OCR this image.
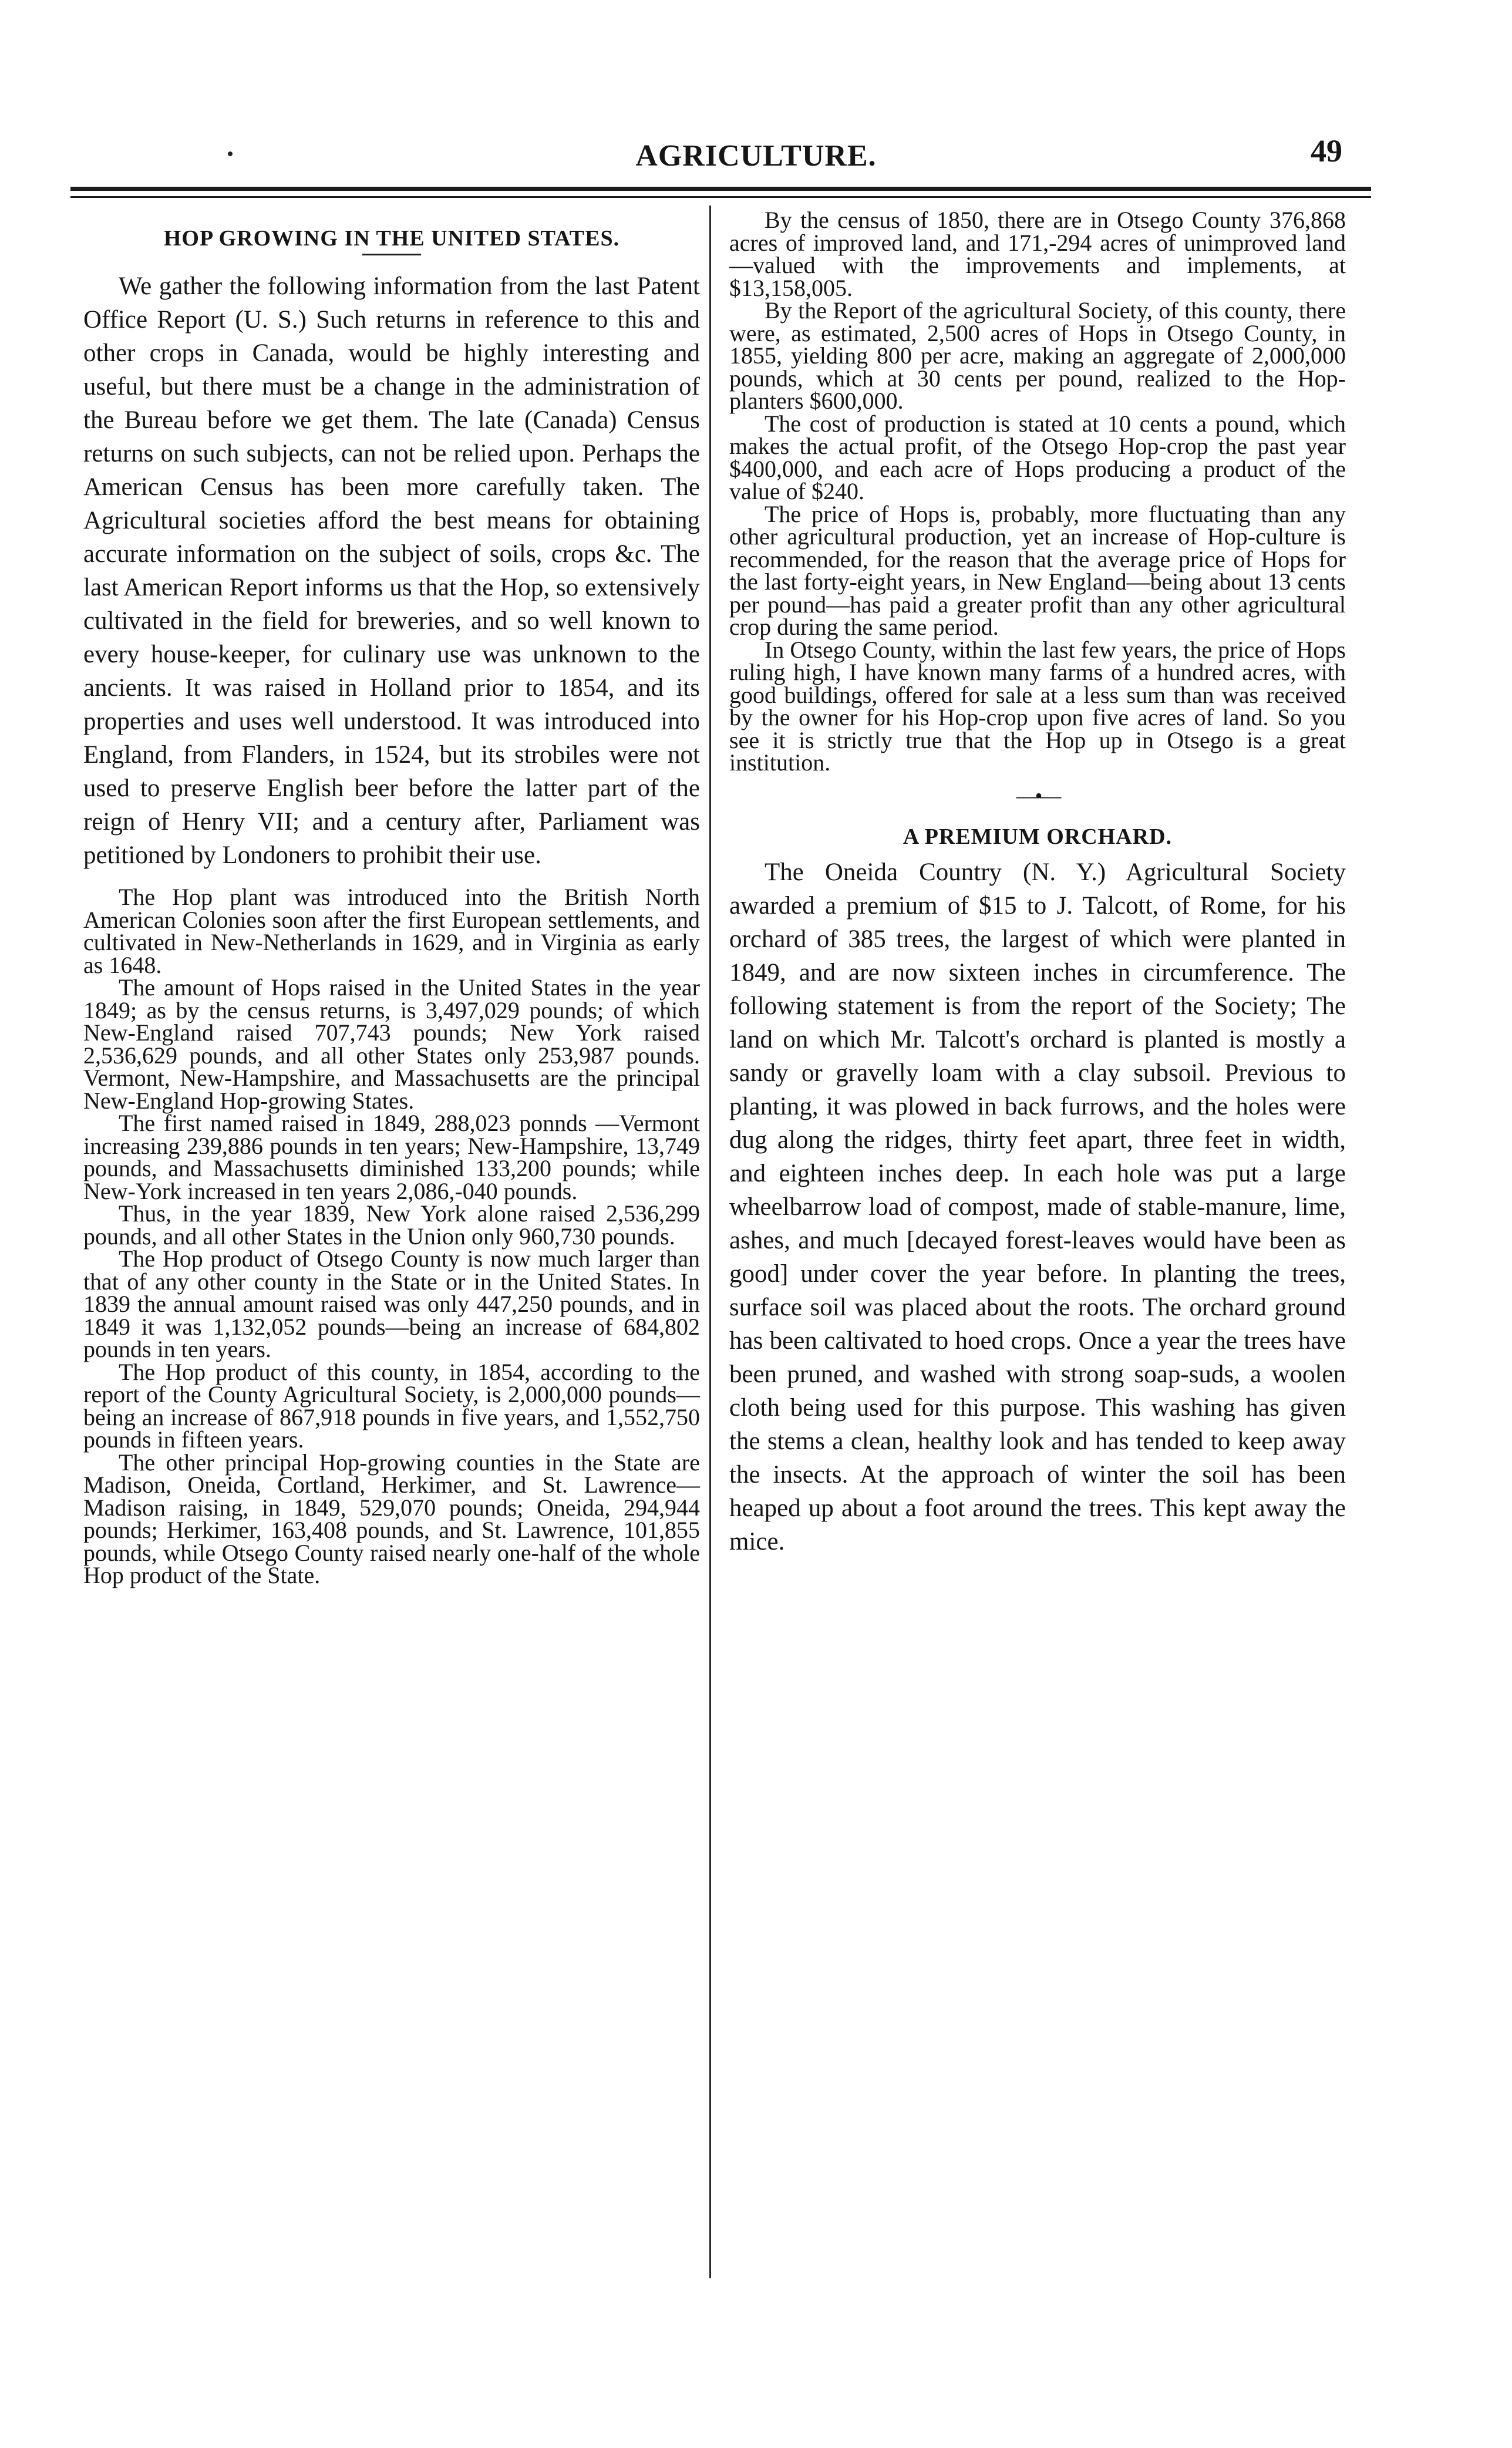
AGRICULTURE.	49
HOP GROWING IN THE UNITED STATES.

We gather the following information from the last Patent Office Report (U. S.) Such returns in reference to this and other crops in Canada, would be highly interesting and useful, but there must be a change in the administration of the Bureau before we get them. The late (Canada) Census returns on such subjects, can not be relied upon. Perhaps the American Census has been more carefully taken. The Agricultural societies afford the best means for obtaining accurate information on the subject of soils, crops &c. The last American Report informs us that the Hop, so extensively cultivated in the field for breweries, and so well known to every house-keeper, for culinary use was unknown to the ancients. It was raised in Holland prior to 1854, and its properties and uses well understood. It was introduced into England, from Flanders, in 1524, but its strobiles were not used to preserve English beer before the latter part of the reign of Henry VII; and a century after, Parliament was petitioned by Londoners to prohibit their use.

The Hop plant was introduced into the British North American Colonies soon after the first European settlements, and cultivated in New-Netherlands in 1629, and in Virginia as early as 1648.

The amount of Hops raised in the United States in the year 1849; as by the census returns, is 3,497,029 pounds; of which New-England raised 707,743 pounds; New York raised 2,536,629 pounds, and all other States only 253,987 pounds. Vermont, New-Hampshire, and Massachusetts are the principal New-England Hop-growing States.

The first named raised in 1849, 288,023 ponnds —Vermont increasing 239,886 pounds in ten years; New-Hampshire, 13,749 pounds, and Massachusetts diminished 133,200 pounds; while New-York increased in ten years 2,086,-040 pounds.

Thus, in the year 1839, New York alone raised 2,536,299 pounds, and all other States in the Union only 960,730 pounds.

The Hop product of Otsego County is now much larger than that of any other county in the State or in the United States. In 1839 the annual amount raised was only 447,250 pounds, and in 1849 it was 1,132,052 pounds—being an increase of 684,802 pounds in ten years.

The Hop product of this county, in 1854, according to the report of the County Agricultural Society, is 2,000,000 pounds—being an increase of 867,918 pounds in five years, and 1,552,750 pounds in fifteen years.

The other principal Hop-growing counties in the State are Madison, Oneida, Cortland, Herkimer, and St. Lawrence—Madison raising, in 1849, 529,070 pounds; Oneida, 294,944 pounds; Herkimer, 163,408 pounds, and St. Lawrence, 101,855 pounds, while Otsego County raised nearly one-half of the whole Hop product of the State.

By the census of 1850, there are in Otsego County 376,868 acres of improved land, and 171,-294 acres of unimproved land—valued with the improvements and implements, at $13,158,005.

By the Report of the agricultural Society, of this county, there were, as estimated, 2,500 acres of Hops in Otsego County, in 1855, yielding 800 per acre, making an aggregate of 2,000,000 pounds, which at 30 cents per pound, realized to the Hop-planters $600,000.

The cost of production is stated at 10 cents a pound, which makes the actual profit, of the Otsego Hop-crop the past year $400,000, and each acre of Hops producing a product of the value of $240.

The price of Hops is, probably, more fluctuating than any other agricultural production, yet an increase of Hop-culture is recommended, for the reason that the average price of Hops for the last forty-eight years, in New England—being about 13 cents per pound—has paid a greater profit than any other agricultural crop during the same period.

In Otsego County, within the last few years, the price of Hops ruling high, I have known many farms of a hundred acres, with good buildings, offered for sale at a less sum than was received by the owner for his Hop-crop upon five acres of land. So you see it is strictly true that the Hop up in Otsego is a great institution.

—•—
A PREMIUM ORCHARD.

The Oneida Country (N. Y.) Agricultural Society awarded a premium of $15 to J. Talcott, of Rome, for his orchard of 385 trees, the largest of which were planted in 1849, and are now sixteen inches in circumference. The following statement is from the report of the Society; The land on which Mr. Talcott's orchard is planted is mostly a sandy or gravelly loam with a clay subsoil. Previous to planting, it was plowed in back furrows, and the holes were dug along the ridges, thirty feet apart, three feet in width, and eighteen inches deep. In each hole was put a large wheelbarrow load of compost, made of stable-manure, lime, ashes, and much [decayed forest-leaves would have been as good] under cover the year before. In planting the trees, surface soil was placed about the roots. The orchard ground has been caltivated to hoed crops. Once a year the trees have been pruned, and washed with strong soap-suds, a woolen cloth being used for this purpose. This washing has given the stems a clean, healthy look and has tended to keep away the insects. At the approach of winter the soil has been heaped up about a foot around the trees. This kept away the mice.
